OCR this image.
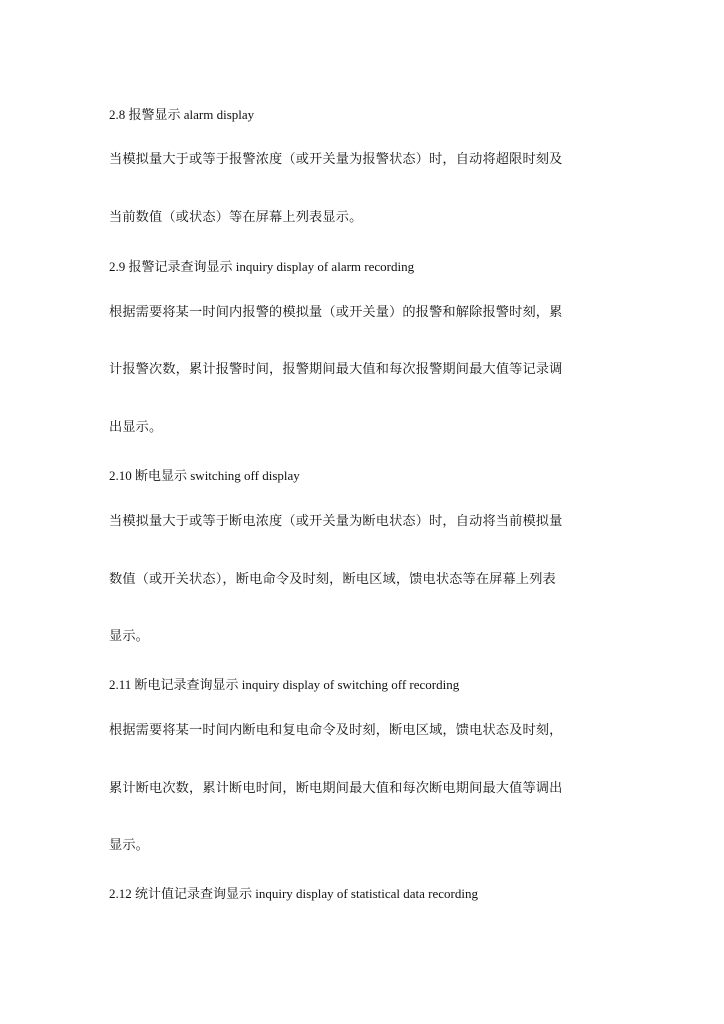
2.8 报警显示 alarm display
当模拟量大于或等于报警浓度（或开关量为报警状态）时，自动将超限时刻及
当前数值（或状态）等在屏幕上列表显示。
2.9 报警记录查询显示 inquiry display of alarm recording
根据需要将某一时间内报警的模拟量（或开关量）的报警和解除报警时刻，累
计报警次数，累计报警时间，报警期间最大值和每次报警期间最大值等记录调
出显示。
2.10 断电显示 switching off display
当模拟量大于或等于断电浓度（或开关量为断电状态）时，自动将当前模拟量
数值（或开关状态），断电命令及时刻，断电区域，馈电状态等在屏幕上列表
显示。
2.11 断电记录查询显示 inquiry display of switching off recording
根据需要将某一时间内断电和复电命令及时刻，断电区域，馈电状态及时刻，
累计断电次数，累计断电时间，断电期间最大值和每次断电期间最大值等调出
显示。
2.12 统计值记录查询显示 inquiry display of statistical data recording
